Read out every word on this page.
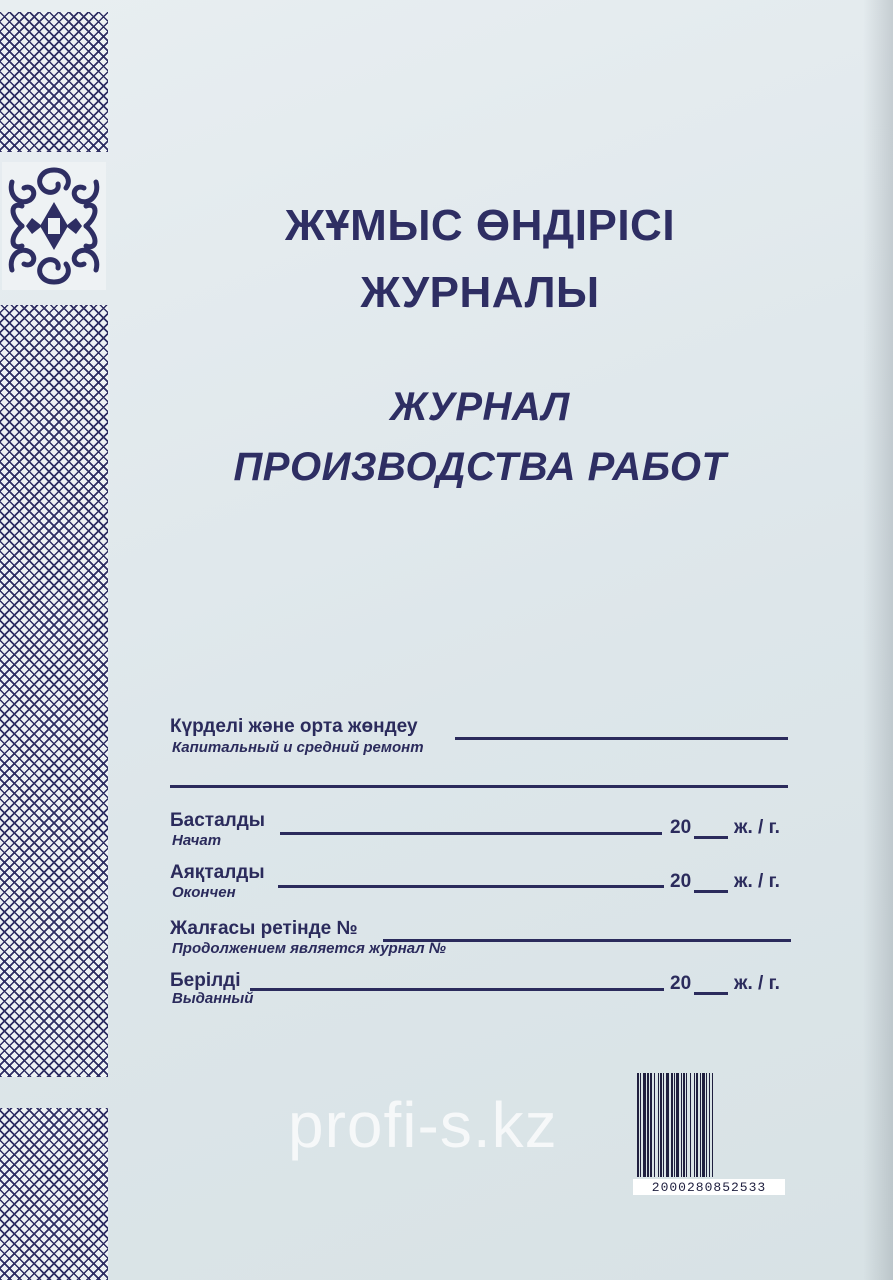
ЖҰМЫС ӨНДІРІСІ
ЖУРНАЛЫ
ЖУРНАЛ
ПРОИЗВОДСТВА РАБОТ
Күрделі және орта жөндеу
Капитальный и средний ремонт
Басталды	20 ж. / г.
Начат
Аяқталды	20 ж. / г.
Окончен
Жалғасы ретінде №
Продолжением является журнал №
Берілді	20 ж. / г.
Выданный
2000280852533
profi-s.kz
